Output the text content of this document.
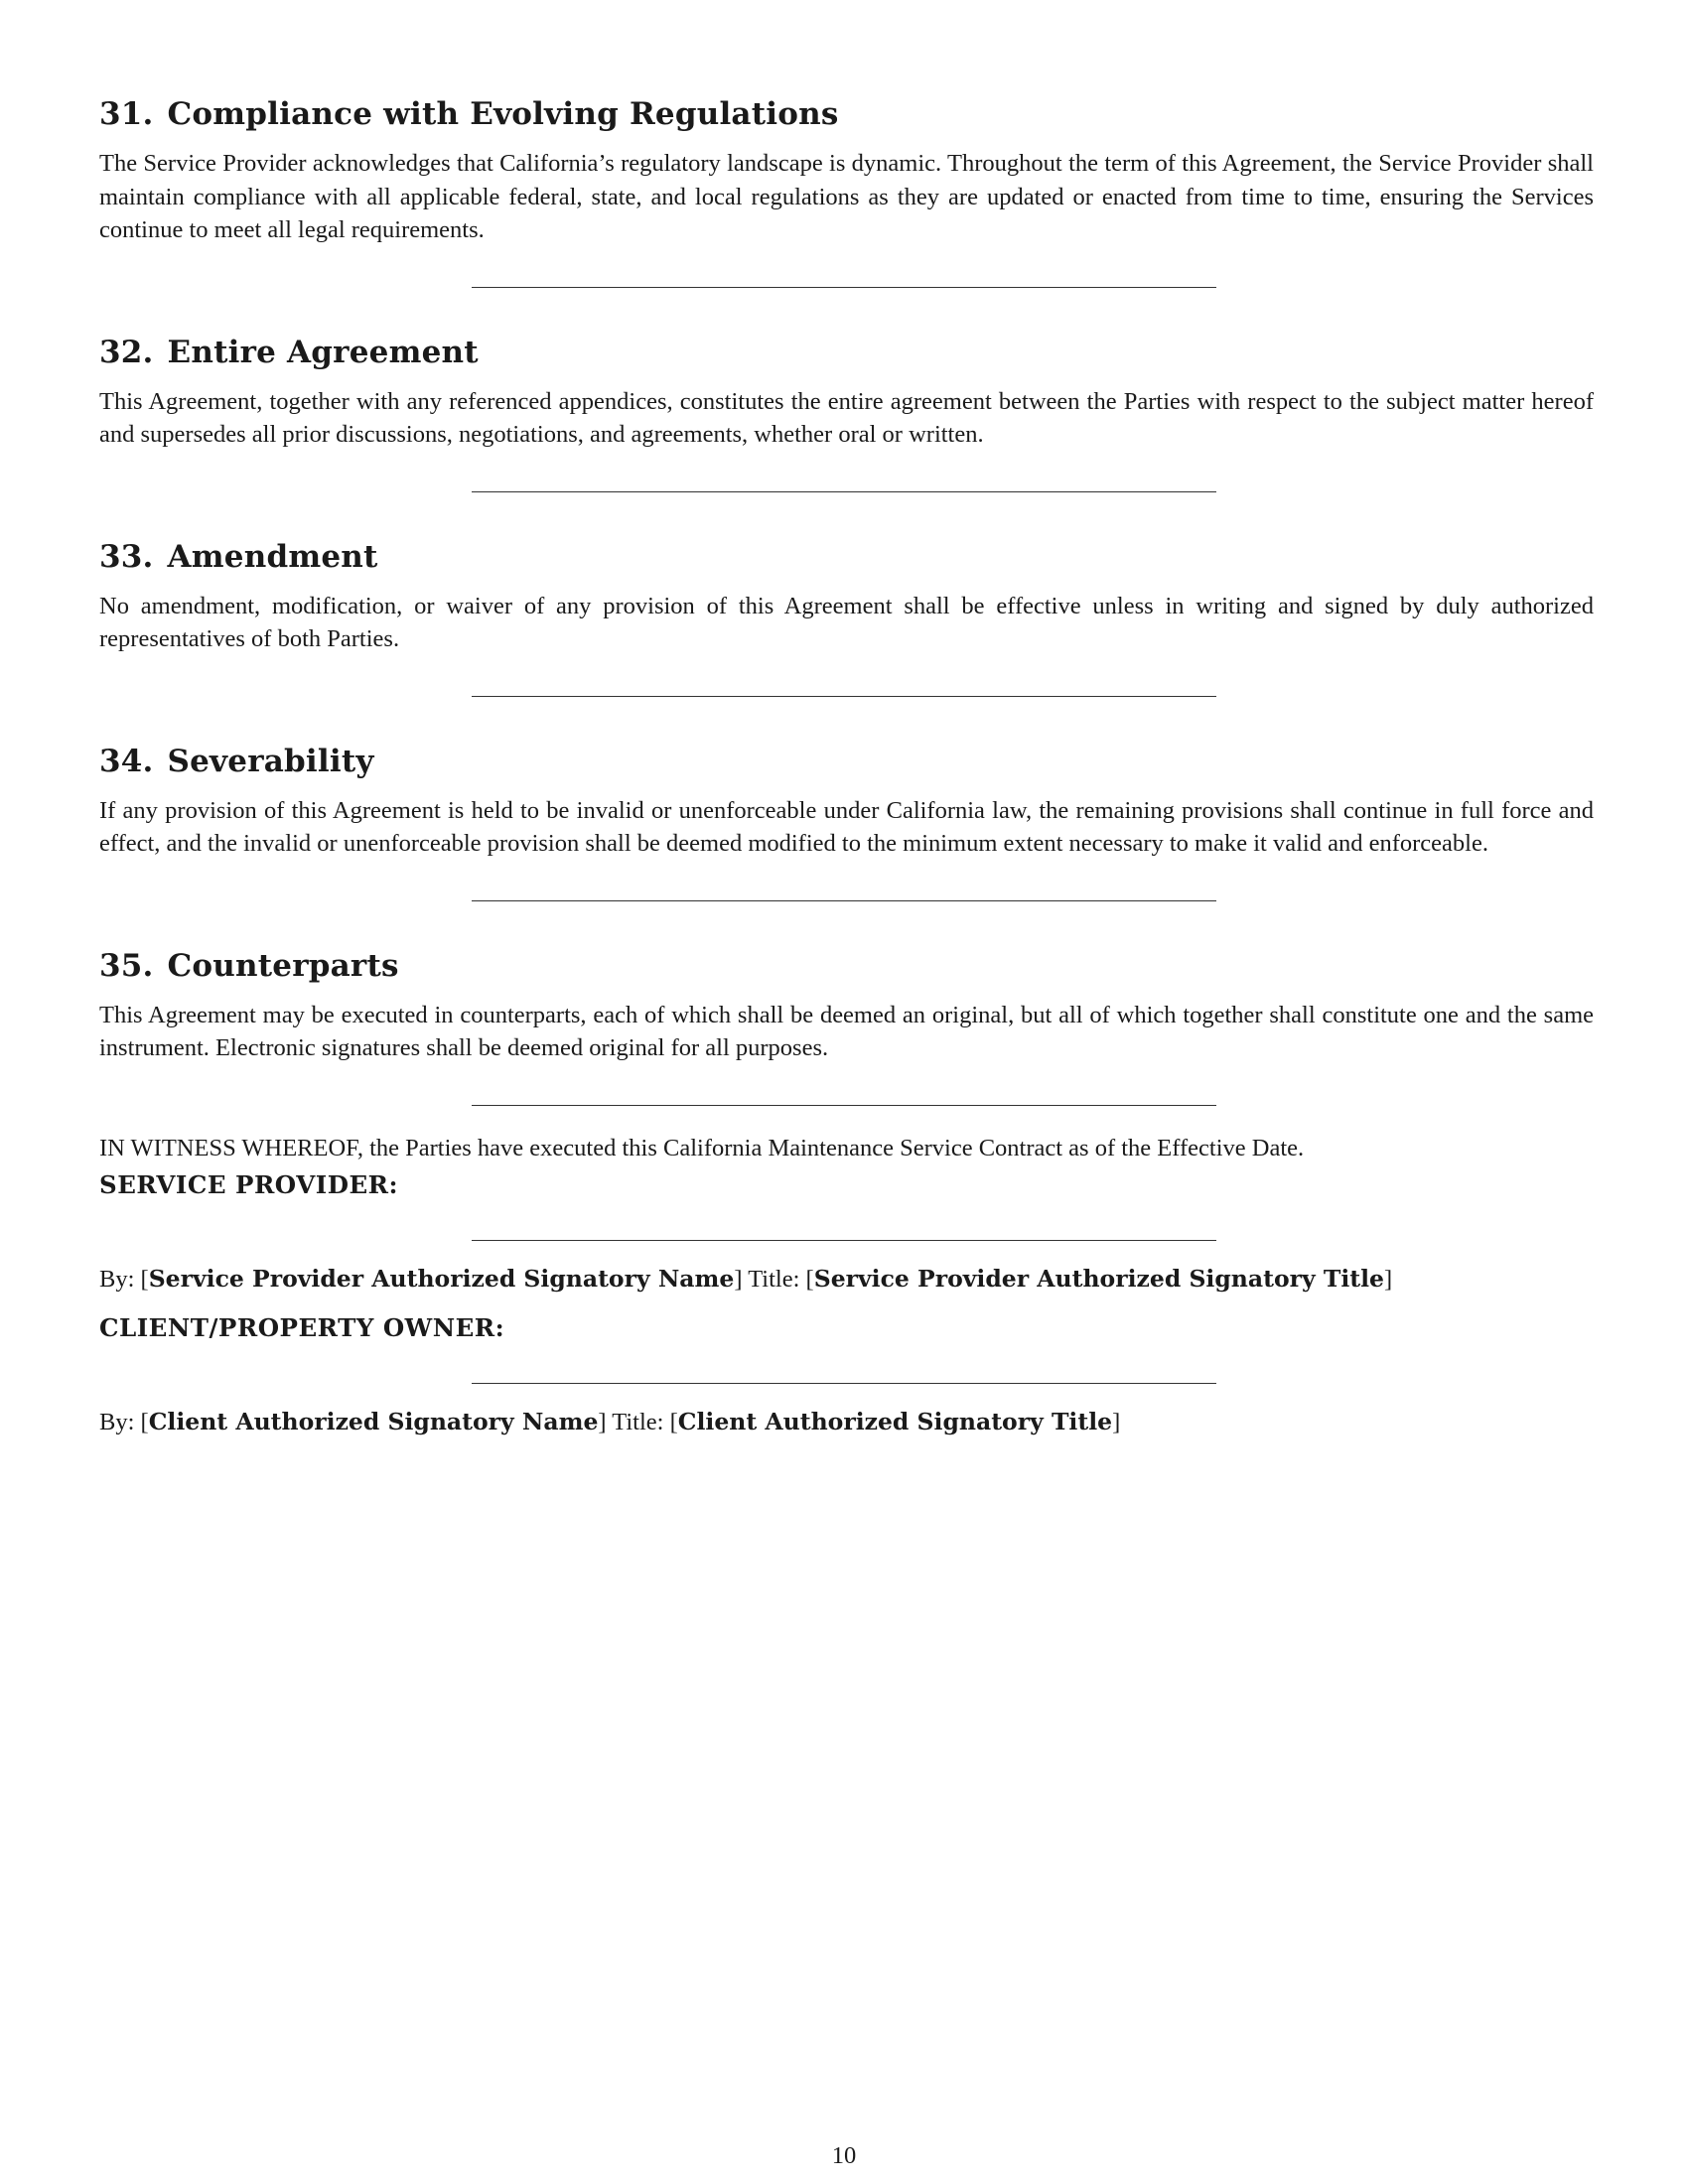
31. Compliance with Evolving Regulations

The Service Provider acknowledges that California’s regulatory landscape is dynamic. Throughout the term of this Agreement, the Service Provider shall maintain compliance with all applicable federal, state, and local regulations as they are updated or enacted from time to time, ensuring the Services continue to meet all legal requirements.

32. Entire Agreement

This Agreement, together with any referenced appendices, constitutes the entire agreement between the Parties with respect to the subject matter hereof and supersedes all prior discussions, negotiations, and agreements, whether oral or written.

33. Amendment

No amendment, modification, or waiver of any provision of this Agreement shall be effective unless in writing and signed by duly authorized representatives of both Parties.

34. Severability

If any provision of this Agreement is held to be invalid or unenforceable under California law, the remaining provisions shall continue in full force and effect, and the invalid or unenforceable provision shall be deemed modified to the minimum extent necessary to make it valid and enforceable.

35. Counterparts

This Agreement may be executed in counterparts, each of which shall be deemed an original, but all of which together shall constitute one and the same instrument. Electronic signatures shall be deemed original for all purposes.

IN WITNESS WHEREOF, the Parties have executed this California Maintenance Service Contract as of the Effective Date.

SERVICE PROVIDER:

By: [Service Provider Authorized Signatory Name] Title: [Service Provider Authorized Signatory Title]

CLIENT/PROPERTY OWNER:

By: [Client Authorized Signatory Name] Title: [Client Authorized Signatory Title]

10
